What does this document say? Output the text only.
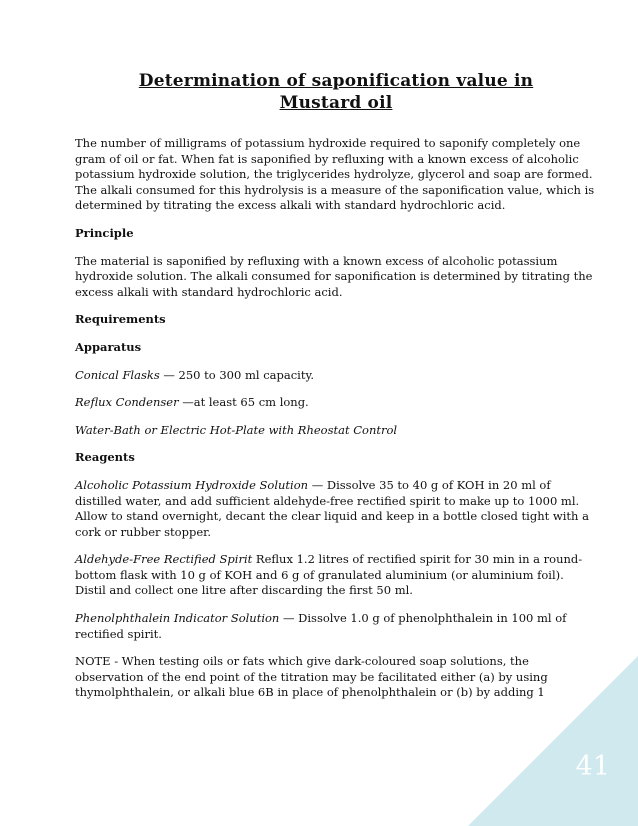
41
Determination of saponification value in
Mustard oil

The number of milligrams of potassium hydroxide required to saponify completely one gram of oil or fat. When fat is saponified by refluxing with a known excess of alcoholic potassium hydroxide solution, the triglycerides hydrolyze, glycerol and soap are formed. The alkali consumed for this hydrolysis is a measure of the saponification value, which is determined by titrating the excess alkali with standard hydrochloric acid.

Principle

The material is saponified by refluxing with a known excess of alcoholic potassium hydroxide solution. The alkali consumed for saponification is determined by titrating the excess alkali with standard hydrochloric acid.

Requirements

Apparatus

Conical Flasks — 250 to 300 ml capacity.

Reflux Condenser —at least 65 cm long.

Water-Bath or Electric Hot-Plate with Rheostat Control

Reagents

Alcoholic Potassium Hydroxide Solution — Dissolve 35 to 40 g of KOH in 20 ml of distilled water, and add sufficient aldehyde-free rectified spirit to make up to 1000 ml. Allow to stand overnight, decant the clear liquid and keep in a bottle closed tight with a cork or rubber stopper.

Aldehyde-Free Rectified Spirit Reflux 1.2 litres of rectified spirit for 30 min in a round-bottom flask with 10 g of KOH and 6 g of granulated aluminium (or aluminium foil). Distil and collect one litre after discarding the first 50 ml.

Phenolphthalein Indicator Solution — Dissolve 1.0 g of phenolphthalein in 100 ml of rectified spirit.

NOTE - When testing oils or fats which give dark-coloured soap solutions, the observation of the end point of the titration may be facilitated either (a) by using thymolphthalein, or alkali blue 6B in place of phenolphthalein or (b) by adding 1
